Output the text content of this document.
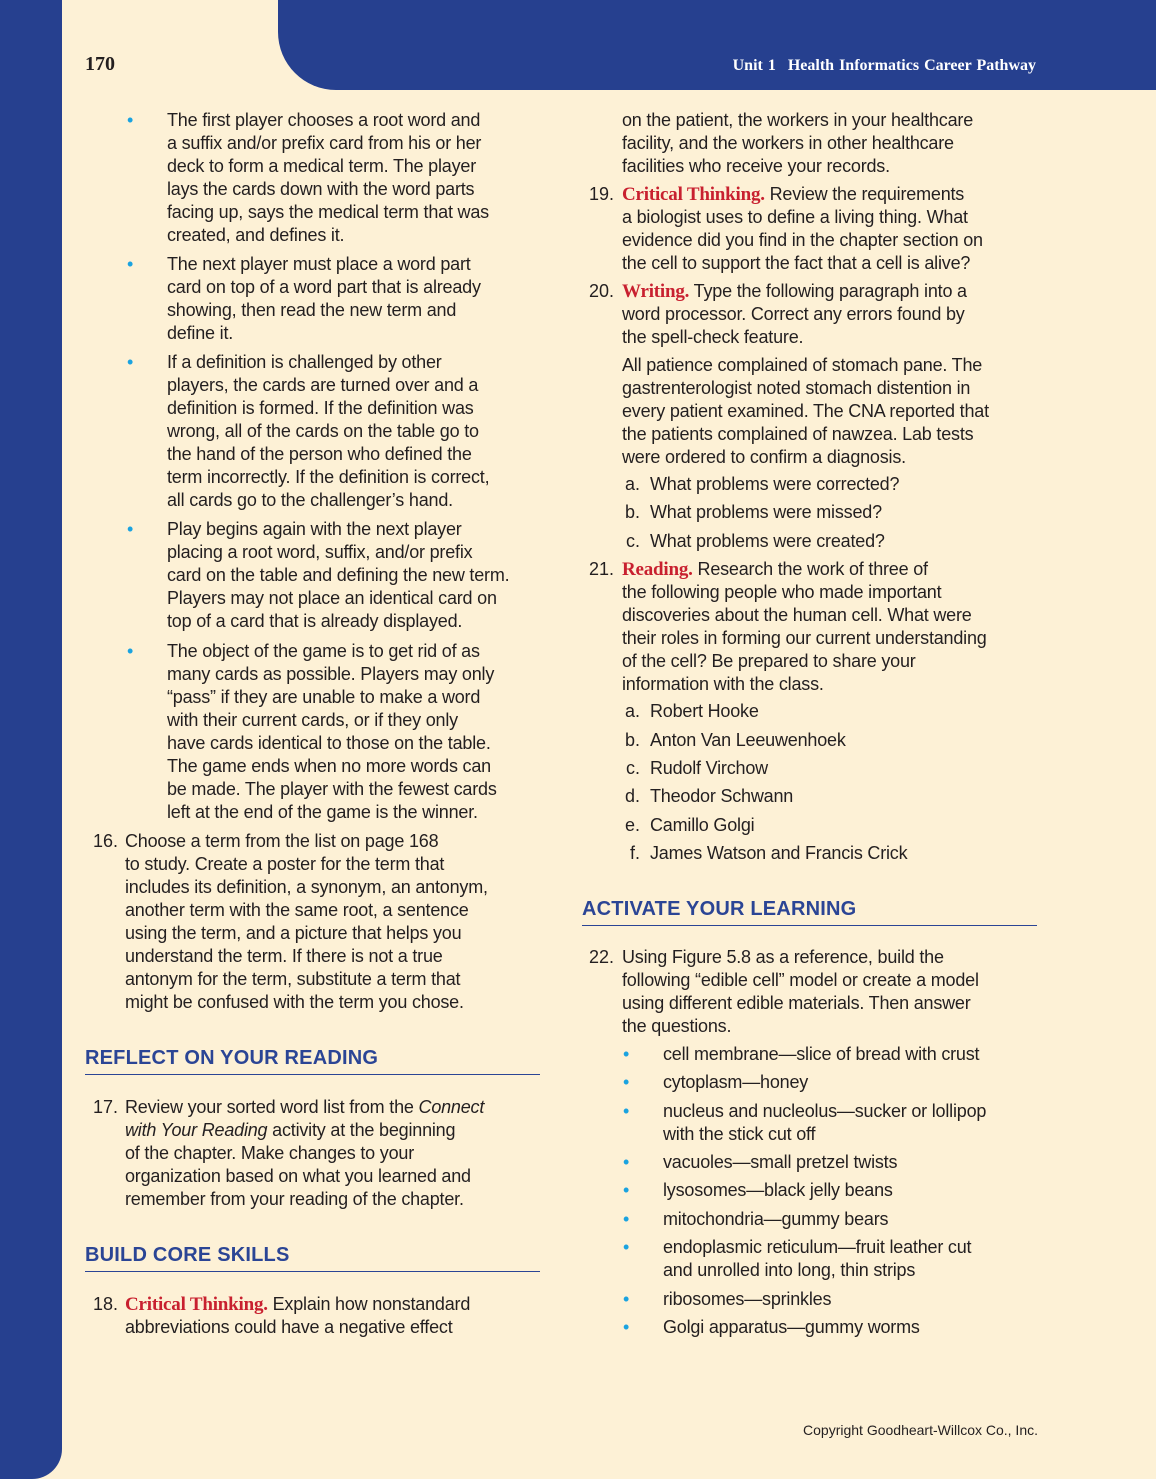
170	Unit 1 Health Informatics Career Pathway
• The first player chooses a root word and
a suffix and/or prefix card from his or her
deck to form a medical term. The player
lays the cards down with the word parts
facing up, says the medical term that was
created, and defines it.
• The next player must place a word part
card on top of a word part that is already
showing, then read the new term and
define it.
• If a definition is challenged by other
players, the cards are turned over and a
definition is formed. If the definition was
wrong, all of the cards on the table go to
the hand of the person who defined the
term incorrectly. If the definition is correct,
all cards go to the challenger’s hand.
• Play begins again with the next player
placing a root word, suffix, and/or prefix
card on the table and defining the new term.
Players may not place an identical card on
top of a card that is already displayed.
• The object of the game is to get rid of as
many cards as possible. Players may only
“pass” if they are unable to make a word
with their current cards, or if they only
have cards identical to those on the table.
The game ends when no more words can
be made. The player with the fewest cards
left at the end of the game is the winner.
16. Choose a term from the list on page 168
to study. Create a poster for the term that
includes its definition, a synonym, an antonym,
another term with the same root, a sentence
using the term, and a picture that helps you
understand the term. If there is not a true
antonym for the term, substitute a term that
might be confused with the term you chose.
REFLECT ON YOUR READING
17. Review your sorted word list from the Connect
with Your Reading activity at the beginning
of the chapter. Make changes to your
organization based on what you learned and
remember from your reading of the chapter.
BUILD CORE SKILLS
18. Critical Thinking. Explain how nonstandard
abbreviations could have a negative effect
on the patient, the workers in your healthcare
facility, and the workers in other healthcare
facilities who receive your records.
19. Critical Thinking. Review the requirements
a biologist uses to define a living thing. What
evidence did you find in the chapter section on
the cell to support the fact that a cell is alive?
20. Writing. Type the following paragraph into a
word processor. Correct any errors found by
the spell-check feature.
All patience complained of stomach pane. The
gastrenterologist noted stomach distention in
every patient examined. The CNA reported that
the patients complained of nawzea. Lab tests
were ordered to confirm a diagnosis.
a. What problems were corrected?
b. What problems were missed?
c. What problems were created?
21. Reading. Research the work of three of
the following people who made important
discoveries about the human cell. What were
their roles in forming our current understanding
of the cell? Be prepared to share your
information with the class.
a. Robert Hooke
b. Anton Van Leeuwenhoek
c. Rudolf Virchow
d. Theodor Schwann
e. Camillo Golgi
f. James Watson and Francis Crick
ACTIVATE YOUR LEARNING
22. Using Figure 5.8 as a reference, build the
following “edible cell” model or create a model
using different edible materials. Then answer
the questions.
• cell membrane—slice of bread with crust
• cytoplasm—honey
• nucleus and nucleolus—sucker or lollipop
with the stick cut off
• vacuoles—small pretzel twists
• lysosomes—black jelly beans
• mitochondria—gummy bears
• endoplasmic reticulum—fruit leather cut
and unrolled into long, thin strips
• ribosomes—sprinkles
• Golgi apparatus—gummy worms
Copyright Goodheart-Willcox Co., Inc.
